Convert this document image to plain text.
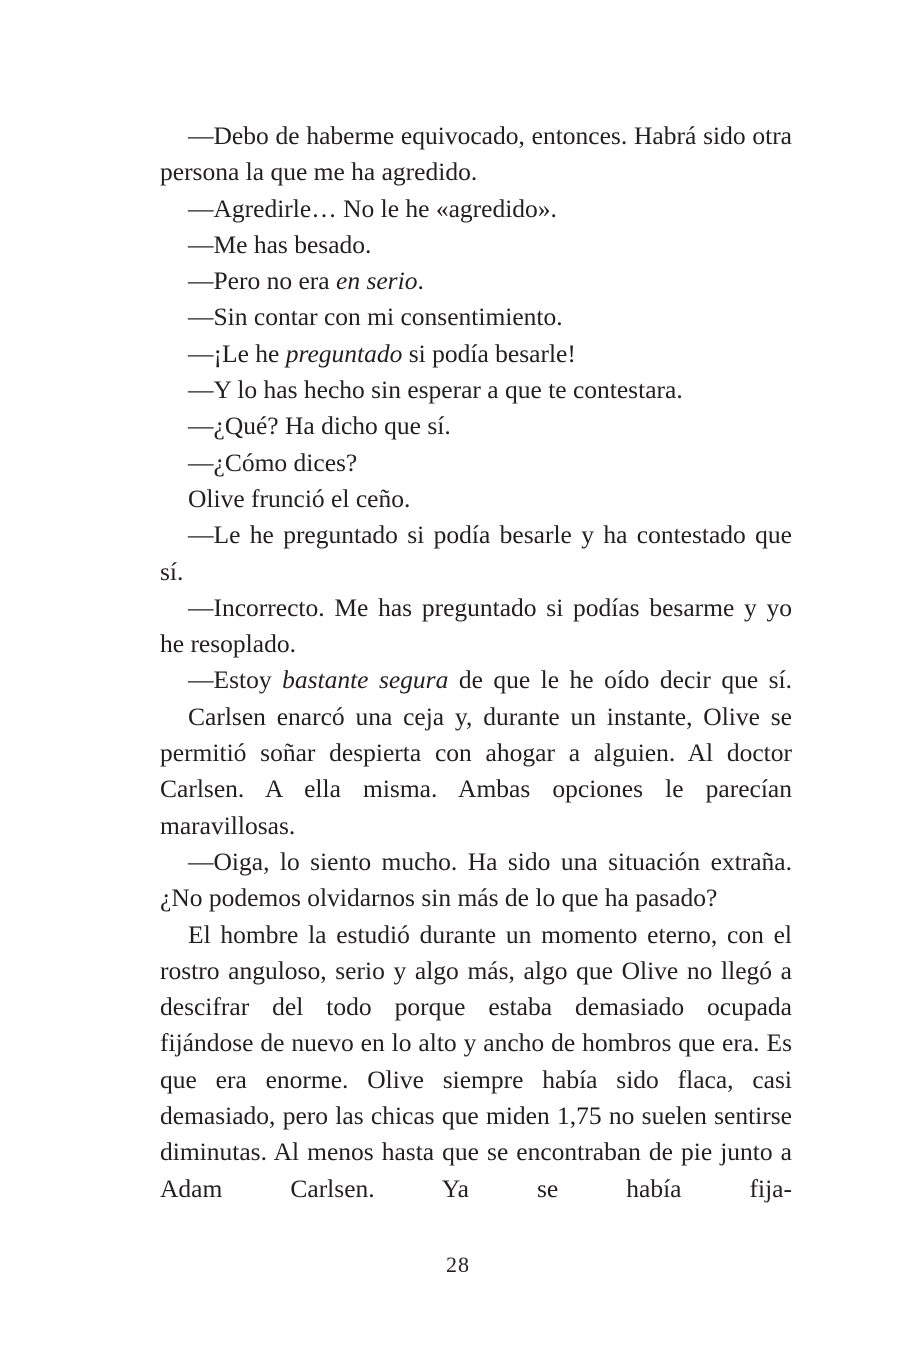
—Debo de haberme equivocado, entonces. Habrá sido otra persona la que me ha agredido.

—Agredirle… No le he «agredido».

—Me has besado.

—Pero no era en serio.

—Sin contar con mi consentimiento.

—¡Le he preguntado si podía besarle!

—Y lo has hecho sin esperar a que te contestara.

—¿Qué? Ha dicho que sí.

—¿Cómo dices?

Olive frunció el ceño.

—Le he preguntado si podía besarle y ha contestado que sí.

—Incorrecto. Me has preguntado si podías besarme y yo he resoplado.

—Estoy bastante segura de que le he oído decir que sí.

Carlsen enarcó una ceja y, durante un instante, Olive se permitió soñar despierta con ahogar a alguien. Al doctor Carlsen. A ella misma. Ambas opciones le parecían maravillosas.

—Oiga, lo siento mucho. Ha sido una situación extraña. ¿No podemos olvidarnos sin más de lo que ha pasado?

El hombre la estudió durante un momento eterno, con el rostro anguloso, serio y algo más, algo que Olive no llegó a descifrar del todo porque estaba demasiado ocupada fijándose de nuevo en lo alto y ancho de hombros que era. Es que era enorme. Olive siempre había sido flaca, casi demasiado, pero las chicas que miden 1,75 no suelen sentirse diminutas. Al menos hasta que se encontraban de pie junto a Adam Carlsen. Ya se había fija-

28
